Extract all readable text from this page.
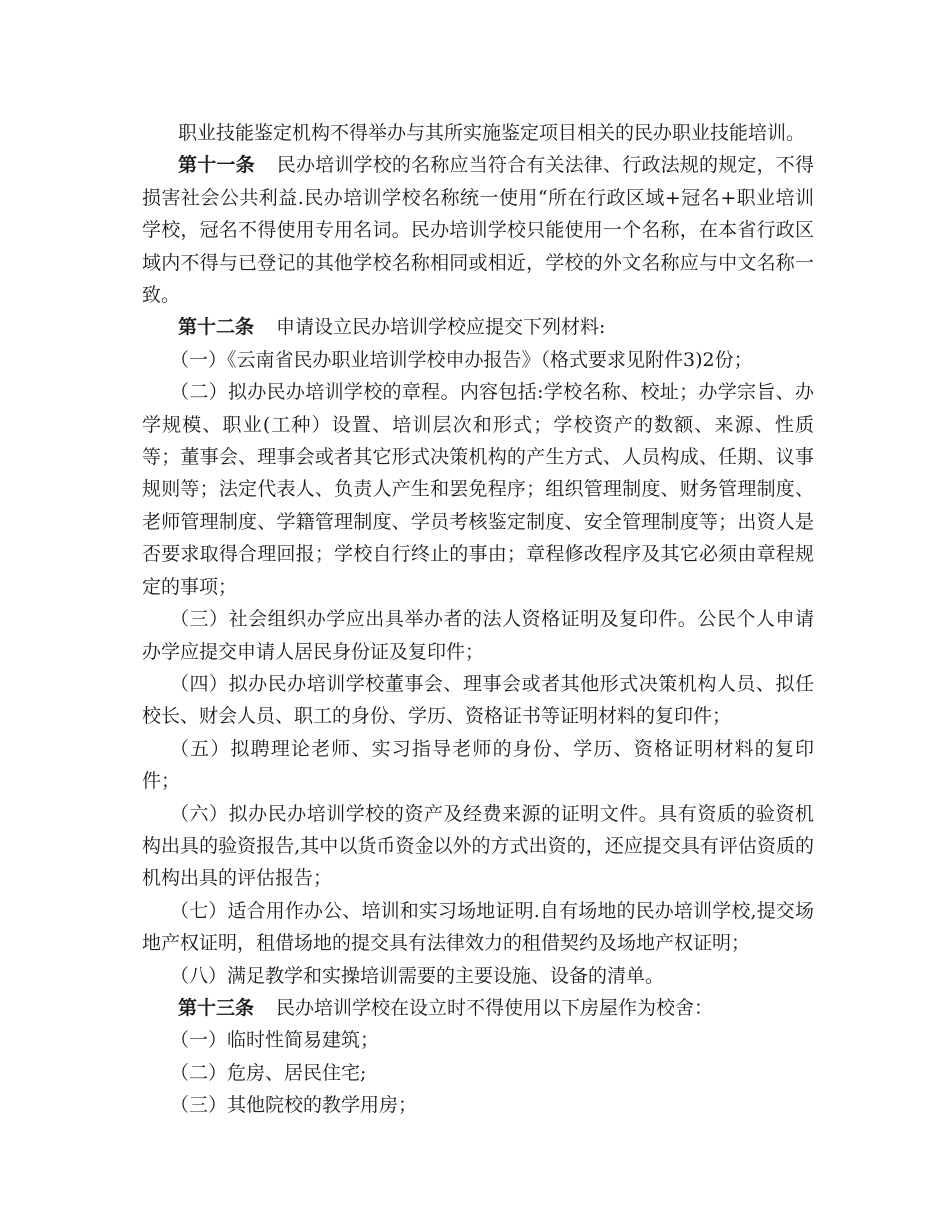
职业技能鉴定机构不得举办与其所实施鉴定项目相关的民办职业技能培训。

第十一条 民办培训学校的名称应当符合有关法律、行政法规的规定，不得损害社会公共利益.民办培训学校名称统一使用“所在行政区域+冠名+职业培训学校，冠名不得使用专用名词。民办培训学校只能使用一个名称，在本省行政区域内不得与已登记的其他学校名称相同或相近，学校的外文名称应与中文名称一致。

第十二条 申请设立民办培训学校应提交下列材料:

（一）《云南省民办职业培训学校申办报告》（格式要求见附件3)2份；

（二）拟办民办培训学校的章程。内容包括:学校名称、校址；办学宗旨、办学规模、职业(工种）设置、培训层次和形式；学校资产的数额、来源、性质等；董事会、理事会或者其它形式决策机构的产生方式、人员构成、任期、议事规则等；法定代表人、负责人产生和罢免程序；组织管理制度、财务管理制度、老师管理制度、学籍管理制度、学员考核鉴定制度、安全管理制度等；出资人是否要求取得合理回报；学校自行终止的事由；章程修改程序及其它必须由章程规定的事项；

（三）社会组织办学应出具举办者的法人资格证明及复印件。公民个人申请办学应提交申请人居民身份证及复印件；

（四）拟办民办培训学校董事会、理事会或者其他形式决策机构人员、拟任校长、财会人员、职工的身份、学历、资格证书等证明材料的复印件；

（五）拟聘理论老师、实习指导老师的身份、学历、资格证明材料的复印件；

（六）拟办民办培训学校的资产及经费来源的证明文件。具有资质的验资机构出具的验资报告,其中以货币资金以外的方式出资的，还应提交具有评估资质的机构出具的评估报告；

（七）适合用作办公、培训和实习场地证明.自有场地的民办培训学校,提交场地产权证明，租借场地的提交具有法律效力的租借契约及场地产权证明；

（八）满足教学和实操培训需要的主要设施、设备的清单。

第十三条 民办培训学校在设立时不得使用以下房屋作为校舍：

（一）临时性简易建筑；

（二）危房、居民住宅;

（三）其他院校的教学用房；
